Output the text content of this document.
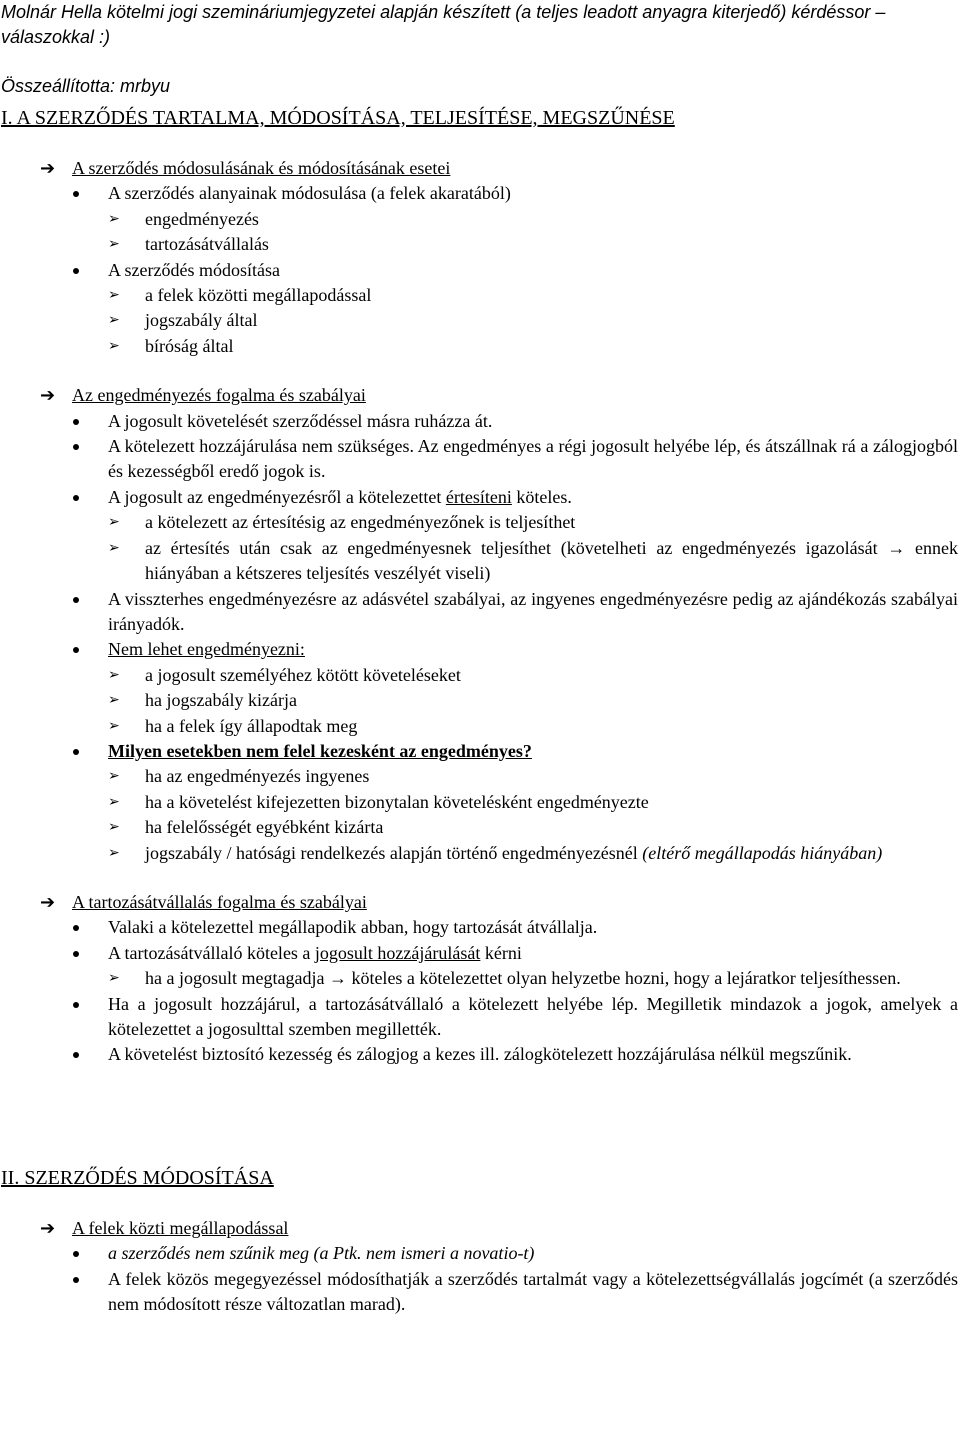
Molnár Hella kötelmi jogi szemináriumjegyzetei alapján készített (a teljes leadott anyagra kiterjedő) kérdéssor – válaszokkal :)

Összeállította: mrbyu

I. A SZERZŐDÉS TARTALMA, MÓDOSÍTÁSA, TELJESÍTÉSE, MEGSZŰNÉSE

➔ A szerződés módosulásának és módosításának esetei
A szerződés alanyainak módosulása (a felek akaratából)
➢	engedményezés
➢	tartozásátvállalás
A szerződés módosítása
➢	a felek közötti megállapodással
➢	jogszabály által
➢	bíróság által
➔ Az engedményezés fogalma és szabályai
A jogosult követelését szerződéssel másra ruházza át.
A kötelezett hozzájárulása nem szükséges. Az engedményes a régi jogosult helyébe lép, és átszállnak rá a zálogjogból és kezességből eredő jogok is.
A jogosult az engedményezésről a kötelezettet értesíteni köteles.
➢	a kötelezett az értesítésig az engedményezőnek is teljesíthet
➢	az értesítés után csak az engedményesnek teljesíthet (követelheti az engedményezés igazolását → ennek hiányában a kétszeres teljesítés veszélyét viseli)
A visszterhes engedményezésre az adásvétel szabályai, az ingyenes engedményezésre pedig az ajándékozás szabályai irányadók.
Nem lehet engedményezni:
➢	a jogosult személyéhez kötött követeléseket
➢	ha jogszabály kizárja
➢	ha a felek így állapodtak meg
Milyen esetekben nem felel kezesként az engedményes?
➢	ha az engedményezés ingyenes
➢	ha a követelést kifejezetten bizonytalan követelésként engedményezte
➢	ha felelősségét egyébként kizárta
➢	jogszabály / hatósági rendelkezés alapján történő engedményezésnél (eltérő megállapodás hiányában)
➔ A tartozásátvállalás fogalma és szabályai
Valaki a kötelezettel megállapodik abban, hogy tartozását átvállalja.
A tartozásátvállaló köteles a jogosult hozzájárulását kérni
➢	ha a jogosult megtagadja → köteles a kötelezettet olyan helyzetbe hozni, hogy a lejáratkor teljesíthessen.
Ha a jogosult hozzájárul, a tartozásátvállaló a kötelezett helyébe lép. Megilletik mindazok a jogok, amelyek a kötelezettet a jogosulttal szemben megillették.
A követelést biztosító kezesség és zálogjog a kezes ill. zálogkötelezett hozzájárulása nélkül megszűnik.

II. SZERZŐDÉS MÓDOSÍTÁSA

➔ A felek közti megállapodással
a szerződés nem szűnik meg (a Ptk. nem ismeri a novatio-t)
A felek közös megegyezéssel módosíthatják a szerződés tartalmát vagy a kötelezettségvállalás jogcímét (a szerződés nem módosított része változatlan marad).
